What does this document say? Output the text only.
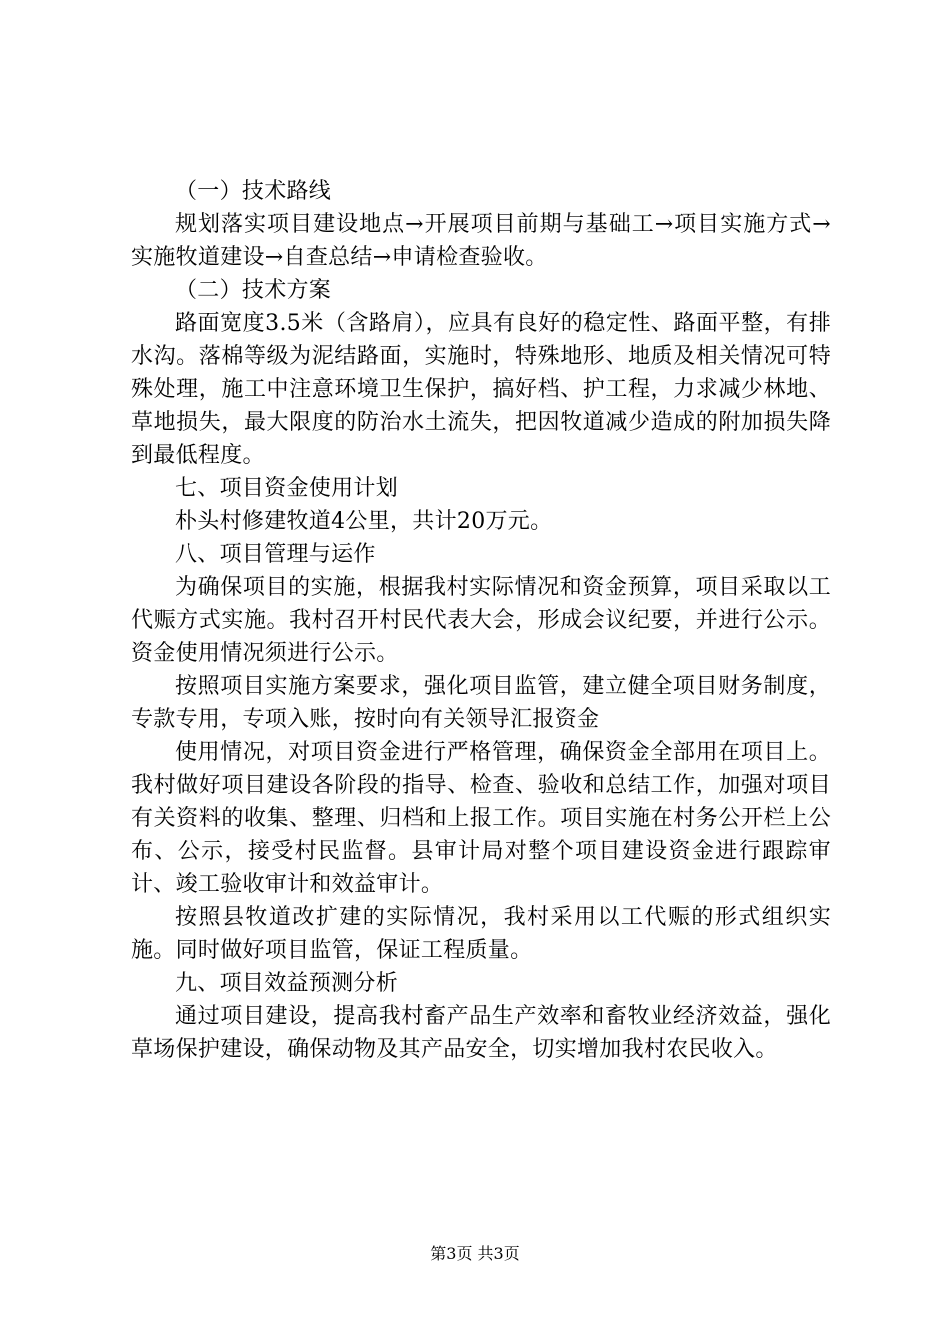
（一）技术路线

规划落实项目建设地点→开展项目前期与基础工→项目实施方式→实施牧道建设→自查总结→申请检查验收。

（二）技术方案

路面宽度3.5米（含路肩），应具有良好的稳定性、路面平整，有排水沟。落棉等级为泥结路面，实施时，特殊地形、地质及相关情况可特殊处理，施工中注意环境卫生保护，搞好档、护工程，力求减少林地、草地损失，最大限度的防治水土流失，把因牧道减少造成的附加损失降到最低程度。

七、项目资金使用计划

朴头村修建牧道4公里，共计20万元。

八、项目管理与运作

为确保项目的实施，根据我村实际情况和资金预算，项目采取以工代赈方式实施。我村召开村民代表大会，形成会议纪要，并进行公示。资金使用情况须进行公示。

按照项目实施方案要求，强化项目监管，建立健全项目财务制度，专款专用，专项入账，按时向有关领导汇报资金

使用情况，对项目资金进行严格管理，确保资金全部用在项目上。我村做好项目建设各阶段的指导、检查、验收和总结工作，加强对项目有关资料的收集、整理、归档和上报工作。项目实施在村务公开栏上公布、公示，接受村民监督。县审计局对整个项目建设资金进行跟踪审计、竣工验收审计和效益审计。

按照县牧道改扩建的实际情况，我村采用以工代赈的形式组织实施。同时做好项目监管，保证工程质量。

九、项目效益预测分析

通过项目建设，提高我村畜产品生产效率和畜牧业经济效益，强化草场保护建设，确保动物及其产品安全，切实增加我村农民收入。

第3页 共3页
